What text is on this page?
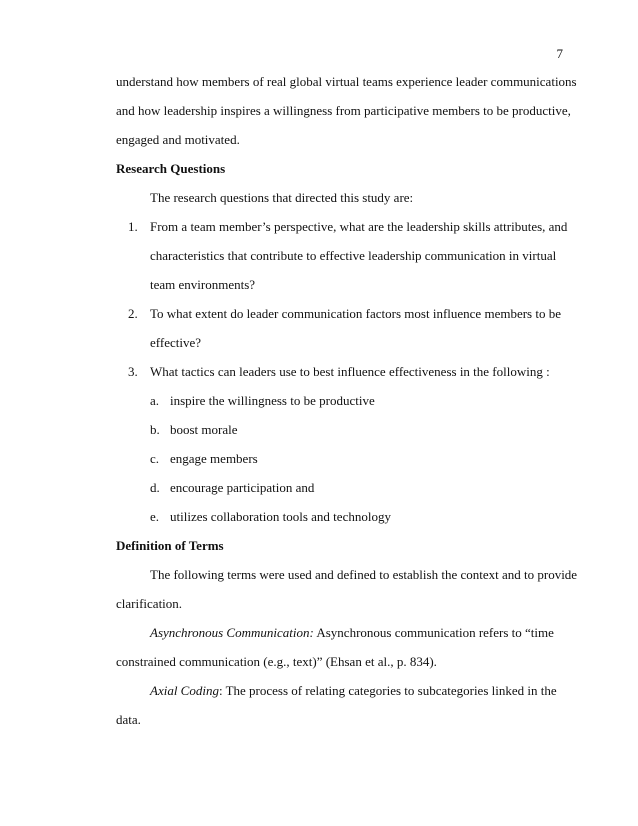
7
understand how members of real global virtual teams experience leader communications
and how leadership inspires a willingness from participative members to be productive,
engaged and motivated.
Research Questions
The research questions that directed this study are:
1. From a team member’s perspective, what are the leadership skills attributes, and
characteristics that contribute to effective leadership communication in virtual
team environments?
2. To what extent do leader communication factors most influence members to be
effective?
3. What tactics can leaders use to best influence effectiveness in the following :
a. inspire the willingness to be productive
b. boost morale
c. engage members
d. encourage participation and
e. utilizes collaboration tools and technology
Definition of Terms
The following terms were used and defined to establish the context and to provide
clarification.
Asynchronous Communication: Asynchronous communication refers to “time
constrained communication (e.g., text)” (Ehsan et al., p. 834).
Axial Coding: The process of relating categories to subcategories linked in the
data.
